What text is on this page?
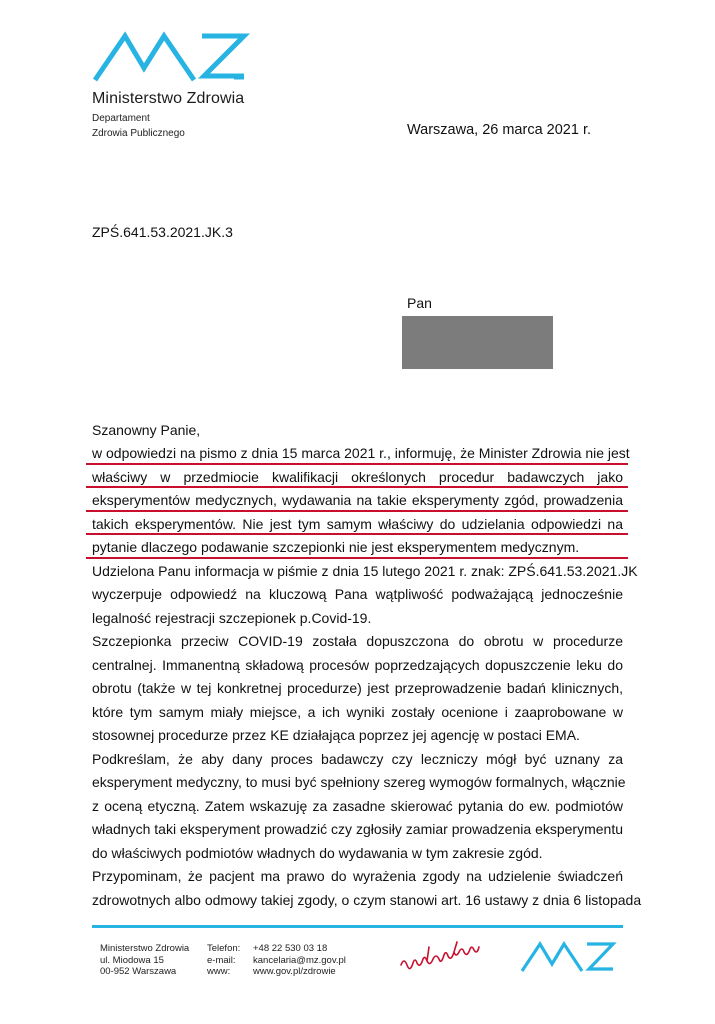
Ministerstwo Zdrowia
Departament
Zdrowia Publicznego	Warszawa, 26 marca 2021 r.
ZPŚ.641.53.2021.JK.3
Pan
Szanowny Panie,
w odpowiedzi na pismo z dnia 15 marca 2021 r., informuję, że Minister Zdrowia nie jest
właściwy w przedmiocie kwalifikacji określonych procedur badawczych jako
eksperymentów medycznych, wydawania na takie eksperymenty zgód, prowadzenia
takich eksperymentów. Nie jest tym samym właściwy do udzielania odpowiedzi na
pytanie dlaczego podawanie szczepionki nie jest eksperymentem medycznym.
Udzielona Panu informacja w piśmie z dnia 15 lutego 2021 r. znak: ZPŚ.641.53.2021.JK
wyczerpuje odpowiedź na kluczową Pana wątpliwość podważającą jednocześnie
legalność rejestracji szczepionek p.Covid-19.
Szczepionka przeciw COVID-19 została dopuszczona do obrotu w procedurze
centralnej. Immanentną składową procesów poprzedzających dopuszczenie leku do
obrotu (także w tej konkretnej procedurze) jest przeprowadzenie badań klinicznych,
które tym samym miały miejsce, a ich wyniki zostały ocenione i zaaprobowane w
stosownej procedurze przez KE działająca poprzez jej agencję w postaci EMA.
Podkreślam, że aby dany proces badawczy czy leczniczy mógł być uznany za
eksperyment medyczny, to musi być spełniony szereg wymogów formalnych, włącznie
z oceną etyczną. Zatem wskazuję za zasadne skierować pytania do ew. podmiotów
władnych taki eksperyment prowadzić czy zgłosiły zamiar prowadzenia eksperymentu
do właściwych podmiotów władnych do wydawania w tym zakresie zgód.
Przypominam, że pacjent ma prawo do wyrażenia zgody na udzielenie świadczeń
zdrowotnych albo odmowy takiej zgody, o czym stanowi art. 16 ustawy z dnia 6 listopada
Ministerstwo Zdrowia
ul. Miodowa 15
00-952 Warszawa
Telefon:
e-mail:
www:
+48 22 530 03 18
kancelaria@mz.gov.pl
www.gov.pl/zdrowie
